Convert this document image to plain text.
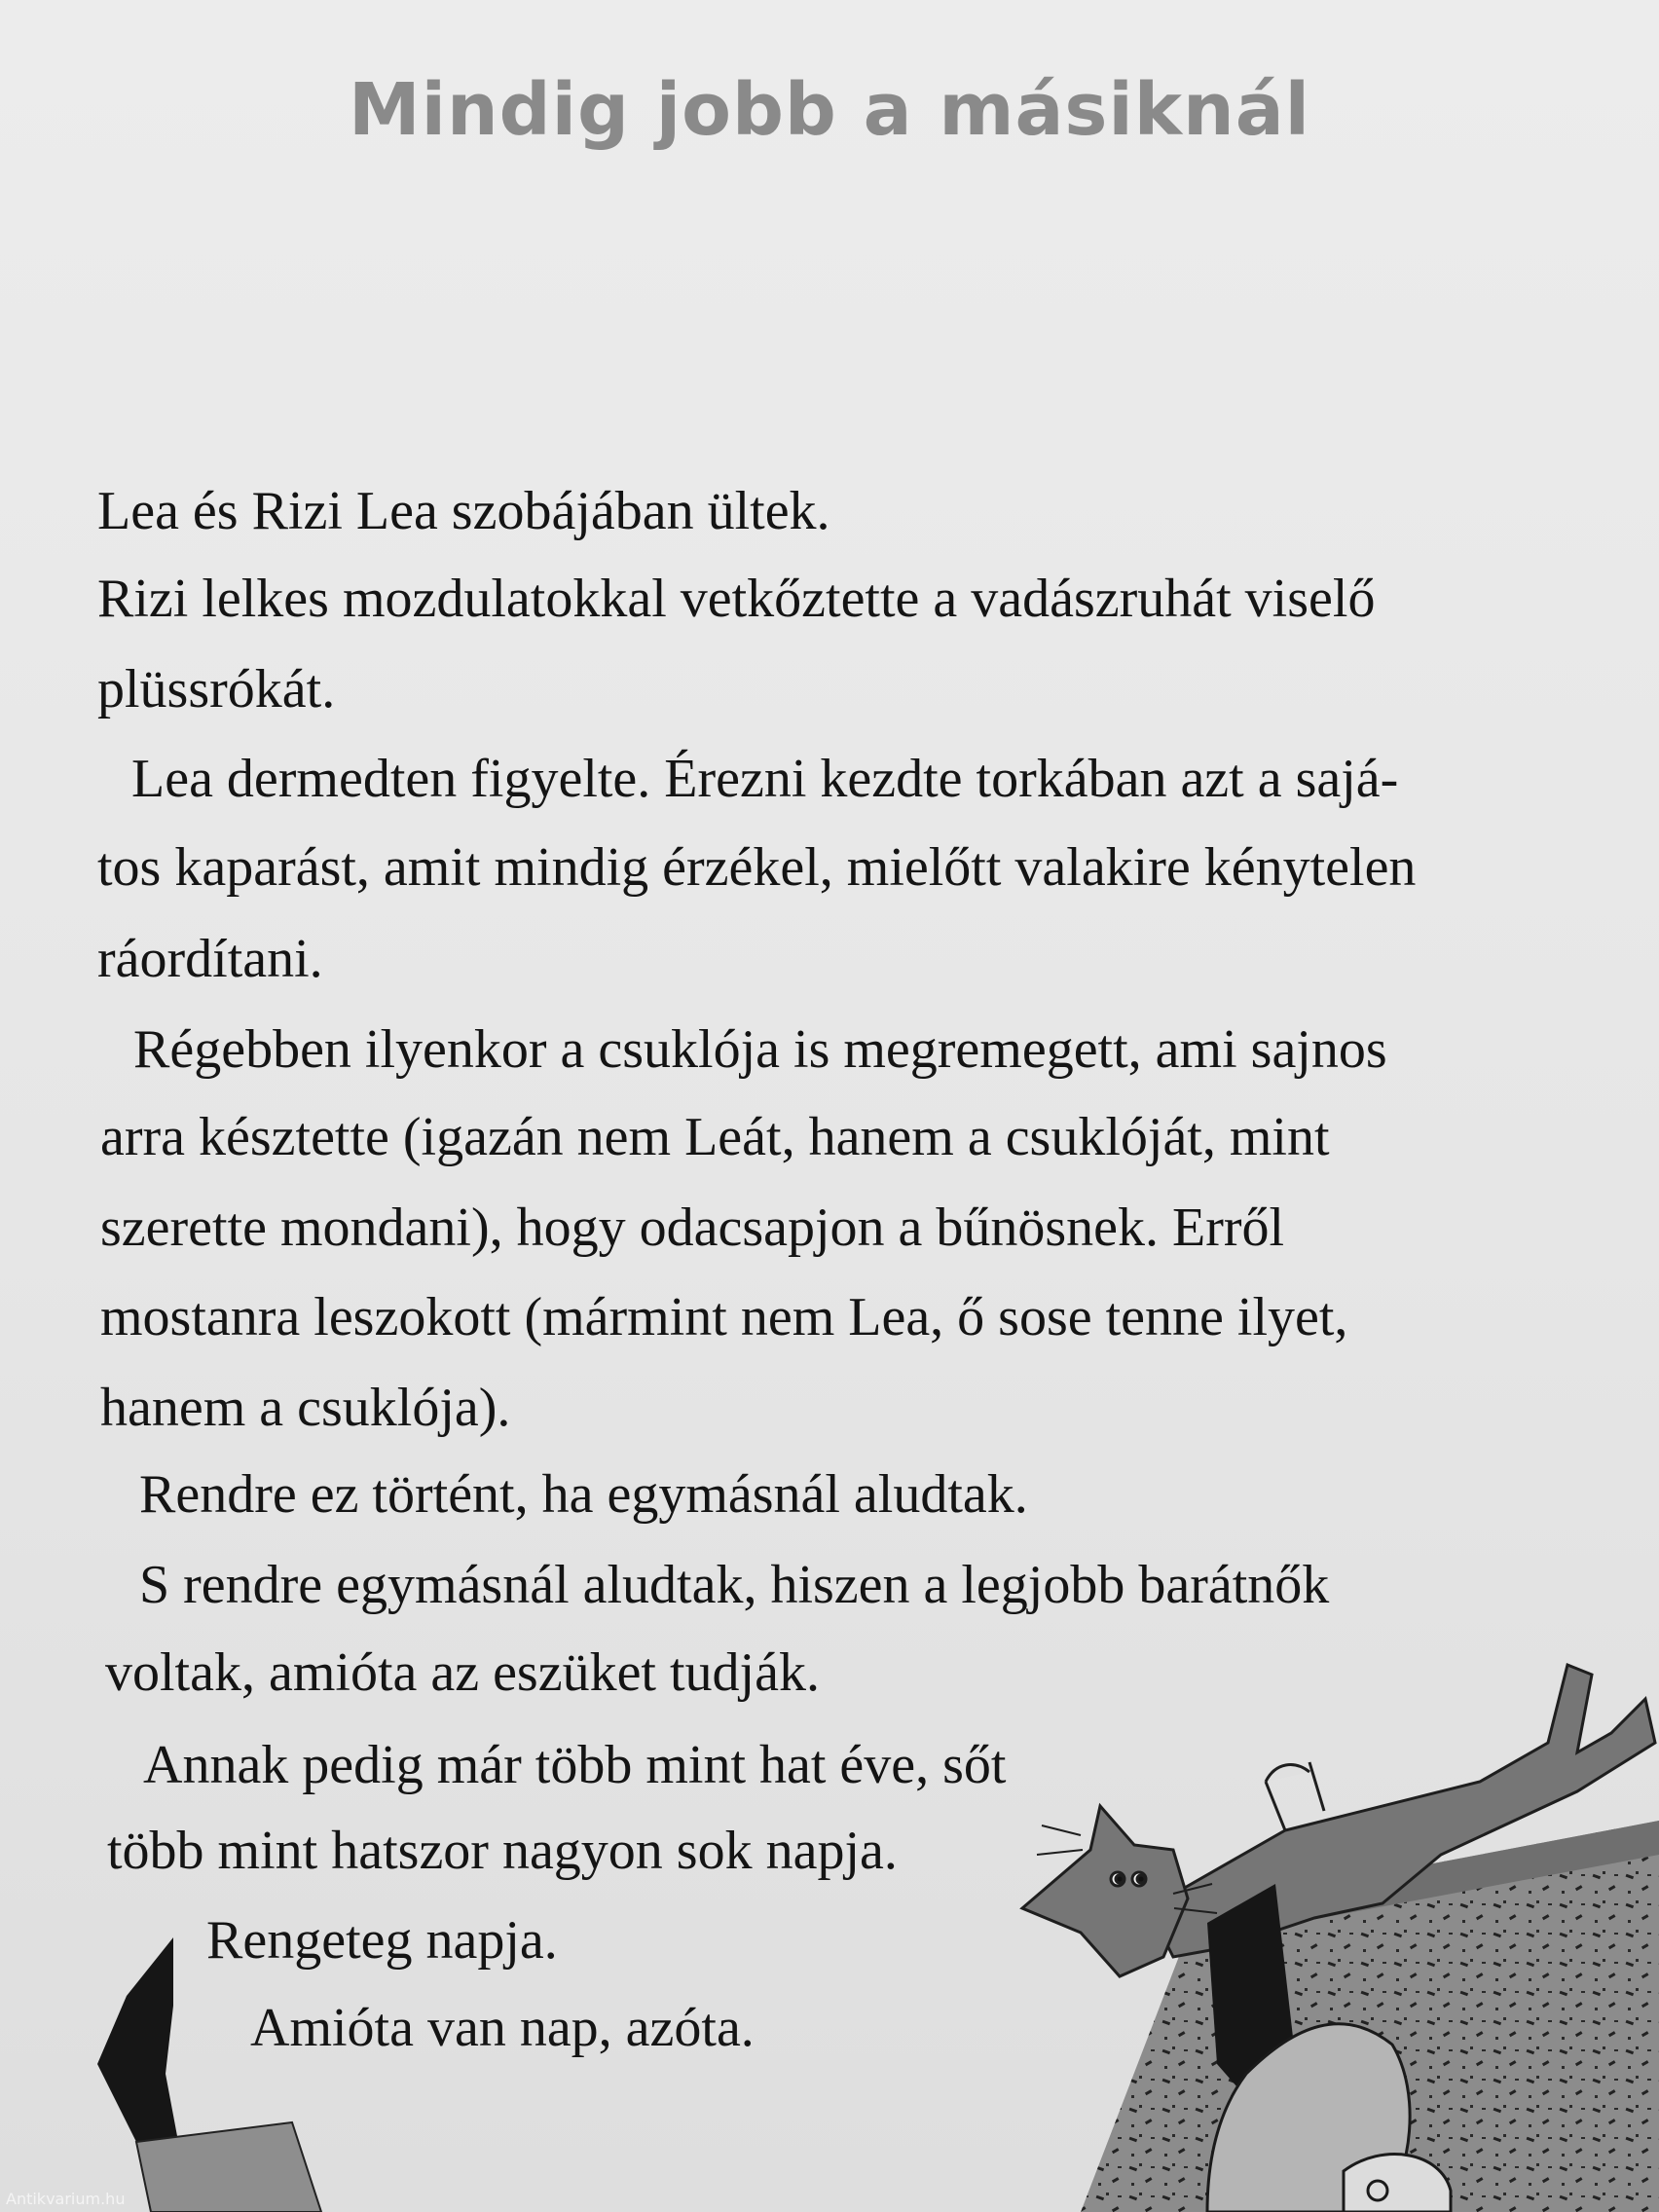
Mindig jobb a másiknál
Lea és Rizi Lea szobájában ültek.
Rizi lelkes mozdulatokkal vetkőztette a vadászruhát viselő
plüssrókát.
Lea dermedten figyelte. Érezni kezdte torkában azt a sajá-
tos kaparást, amit mindig érzékel, mielőtt valakire kénytelen
ráordítani.
Régebben ilyenkor a csuklója is megremegett, ami sajnos
arra késztette (igazán nem Leát, hanem a csuklóját, mint
szerette mondani), hogy odacsapjon a bűnösnek. Erről
mostanra leszokott (mármint nem Lea, ő sose tenne ilyet,
hanem a csuklója).
Rendre ez történt, ha egymásnál aludtak.
S rendre egymásnál aludtak, hiszen a legjobb barátnők
voltak, amióta az eszüket tudják.
Annak pedig már több mint hat éve, sőt
több mint hatszor nagyon sok napja.
Rengeteg napja.
Amióta van nap, azóta.
Antikvarium.hu
